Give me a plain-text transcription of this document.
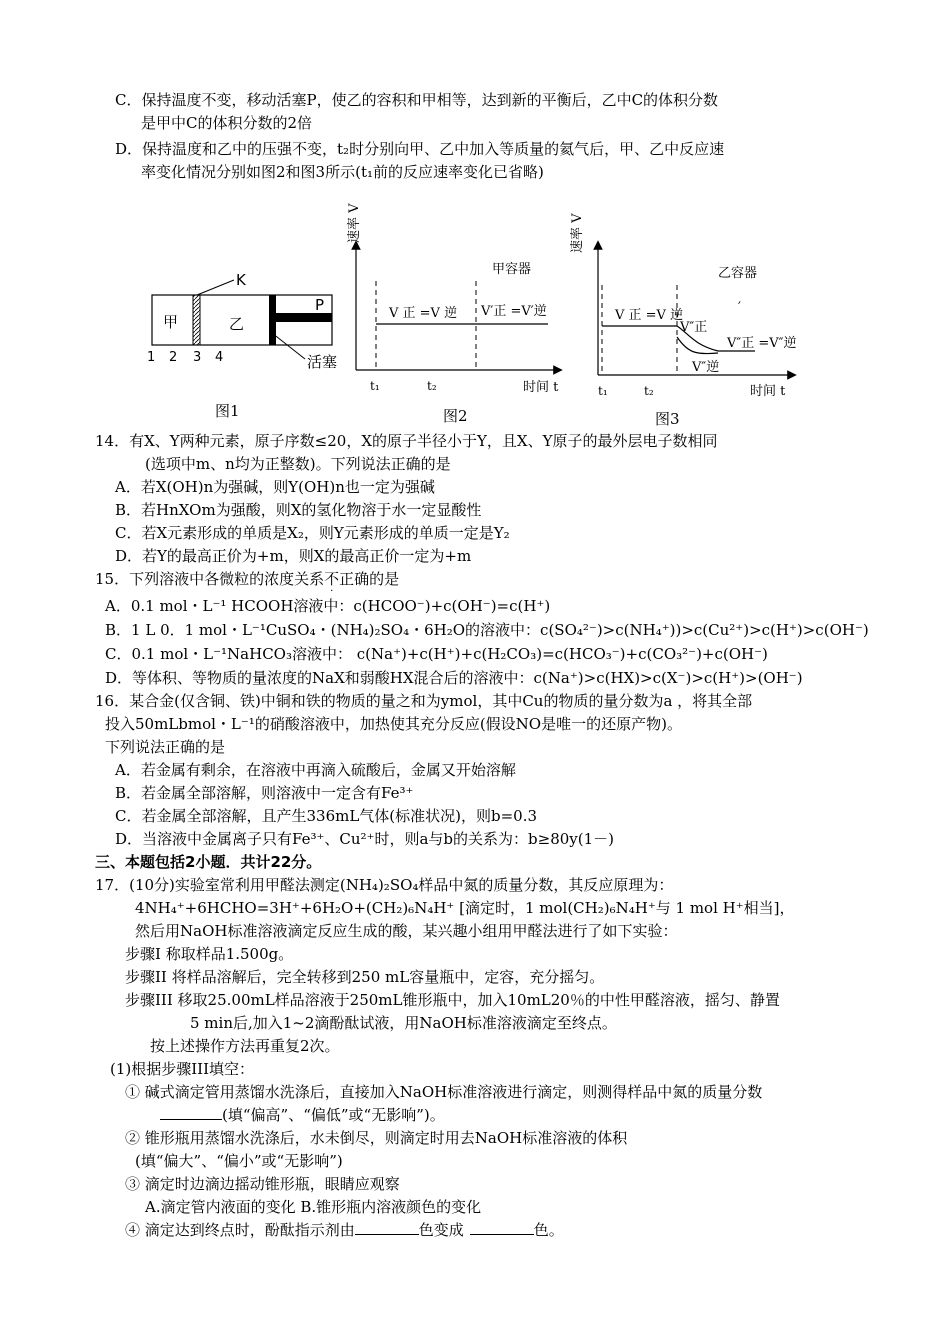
C．保持温度不变，移动活塞P，使乙的容积和甲相等，达到新的平衡后，乙中C的体积分数
是甲中C的体积分数的2倍
D．保持温度和乙中的压强不变，t₂时分别向甲、乙中加入等质量的氦气后，甲、乙中反应速
率变化情况分别如图2和图3所示(t₁前的反应速率变化已省略)
甲	乙
K
P
活塞
1 2 3 4
图1
速率 V
甲容器
V 正 =V 逆 V′正 =V′逆
t₁	t₂	时间 t
图2
速率 V
乙容器
′
V 正 =V 逆
V″正
V″逆
V″正 =V″逆
t₁	t₂	时间 t
图3
14．有X、Y两种元素，原子序数≤20，X的原子半径小于Y，且X、Y原子的最外层电子数相同
(选项中m、n均为正整数)。下列说法正确的是
A．若X(OH)n为强碱，则Y(OH)n也一定为强碱
B．若HnXOm为强酸，则X的氢化物溶于水一定显酸性
C．若X元素形成的单质是X₂，则Y元素形成的单质一定是Y₂
D．若Y的最高正价为+m，则X的最高正价一定为+m
15．下列溶液中各微粒的浓度关系不
·
正确的是
A．0.1 mol・L⁻¹ HCOOH溶液中：c(HCOO⁻)+c(OH⁻)=c(H⁺)
B．1 L 0．1 mol・L⁻¹CuSO₄・(NH₄)₂SO₄・6H₂O的溶液中：c(SO₄²⁻)>c(NH₄⁺))>c(Cu²⁺)>c(H⁺)>c(OH⁻)
C．0.1 mol・L⁻¹NaHCO₃溶液中： c(Na⁺)+c(H⁺)+c(H₂CO₃)=c(HCO₃⁻)+c(CO₃²⁻)+c(OH⁻)
D．等体积、等物质的量浓度的NaX和弱酸HX混合后的溶液中：c(Na⁺)>c(HX)>c(X⁻)>c(H⁺)>(OH⁻)
16．某合金(仅含铜、铁)中铜和铁的物质的量之和为ymol，其中Cu的物质的量分数为a ，将其全部
投入50mLbmol・L⁻¹的硝酸溶液中，加热使其充分反应(假设NO是唯一的还原产物)。
下列说法正确的是
A．若金属有剩余，在溶液中再滴入硫酸后，金属又开始溶解
B．若金属全部溶解，则溶液中一定含有Fe³⁺
C．若金属全部溶解，且产生336mL气体(标准状况)，则b=0.3
D．当溶液中金属离子只有Fe³⁺、Cu²⁺时，则a与b的关系为：b≥80y(1－)
三、本题包括2小题．共计22分。
17．(10分)实验室常利用甲醛法测定(NH₄)₂SO₄样品中氮的质量分数，其反应原理为：
4NH₄⁺+6HCHO=3H⁺+6H₂O+(CH₂)₆N₄H⁺ [滴定时，1 mol(CH₂)₆N₄H⁺与 1 mol H⁺相当]，
然后用NaOH标准溶液滴定反应生成的酸，某兴趣小组用甲醛法进行了如下实验：
步骤I 称取样品1.500g。
步骤II 将样品溶解后，完全转移到250 mL容量瓶中，定容，充分摇匀。
步骤III 移取25.00mL样品溶液于250mL锥形瓶中，加入10mL20％的中性甲醛溶液，摇匀、静置
5 min后,加入1~2滴酚酞试液，用NaOH标准溶液滴定至终点。
按上述操作方法再重复2次。
(1)根据步骤III填空：
① 碱式滴定管用蒸馏水洗涤后，直接加入NaOH标准溶液进行滴定，则测得样品中氮的质量分数
(填“偏高”、“偏低”或“无影响”)。
② 锥形瓶用蒸馏水洗涤后，水未倒尽，则滴定时用去NaOH标准溶液的体积
(填“偏大”、“偏小”或“无影响”)
③ 滴定时边滴边摇动锥形瓶，眼睛应观察
A.滴定管内液面的变化 B.锥形瓶内溶液颜色的变化
④ 滴定达到终点时，酚酞指示剂由	色变成	色。
